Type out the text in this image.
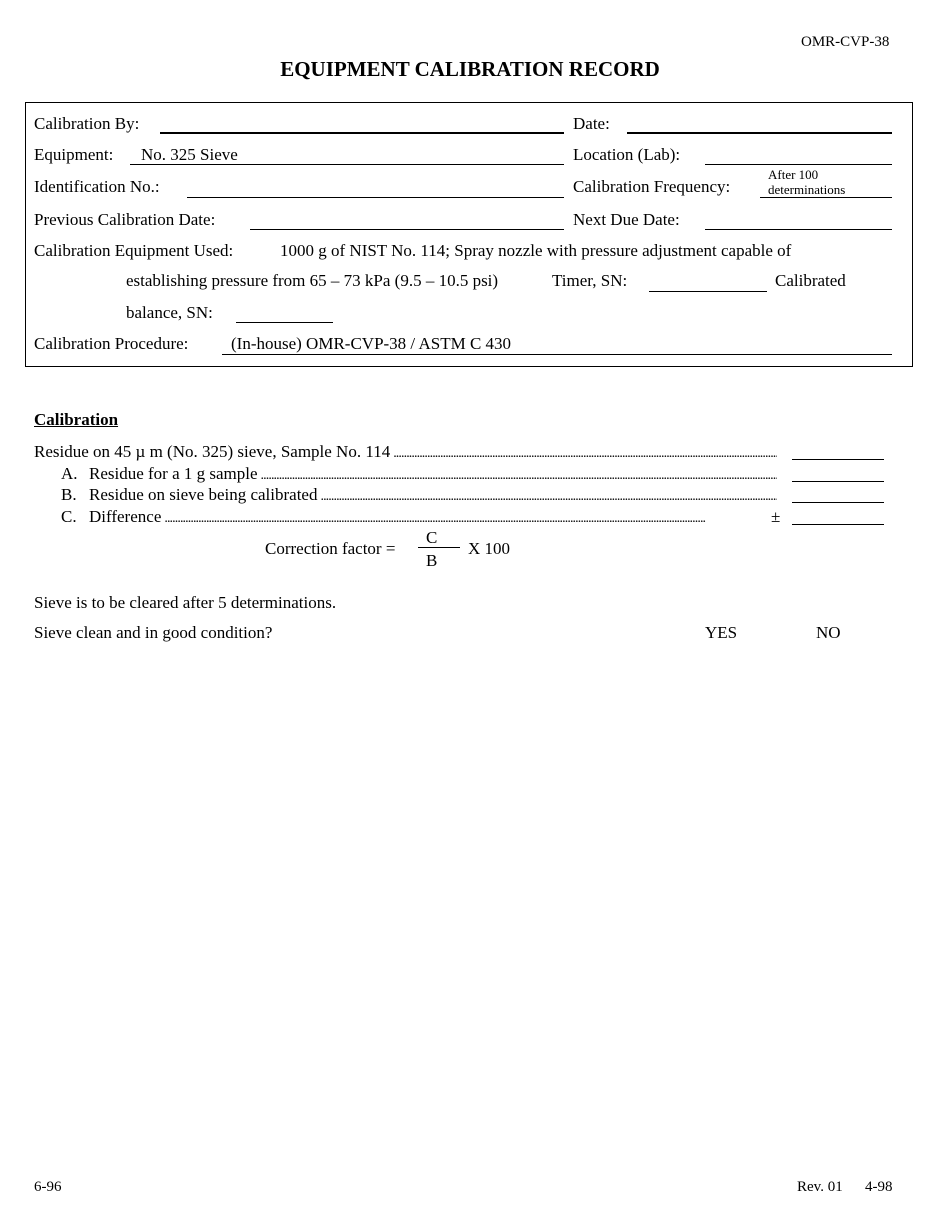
OMR-CVP-38
EQUIPMENT CALIBRATION RECORD
Calibration By:	Date:
Equipment: No. 325 Sieve	Location (Lab):
Identification No.:	Calibration Frequency:
After 100
determinations
Previous Calibration Date:	Next Due Date:
Calibration Equipment Used:	1000 g of NIST No. 114; Spray nozzle with pressure adjustment capable of
establishing pressure from 65 – 73 kPa (9.5 – 10.5 psi)	Timer, SN:	Calibrated
balance, SN:
Calibration Procedure:	(In-house) OMR-CVP-38 / ASTM C 430
Calibration
Residue on 45 µ m (No. 325) sieve, Sample No. 114
. . .
A. Residue for a 1 g sample
. . .
B. Residue on sieve being calibrated
. . .
C. Difference
. . .	±
Correction factor =
C
B
X 100
Sieve is to be cleared after 5 determinations.
Sieve clean and in good condition?	YES	NO
6-96	Rev. 01 4-98
